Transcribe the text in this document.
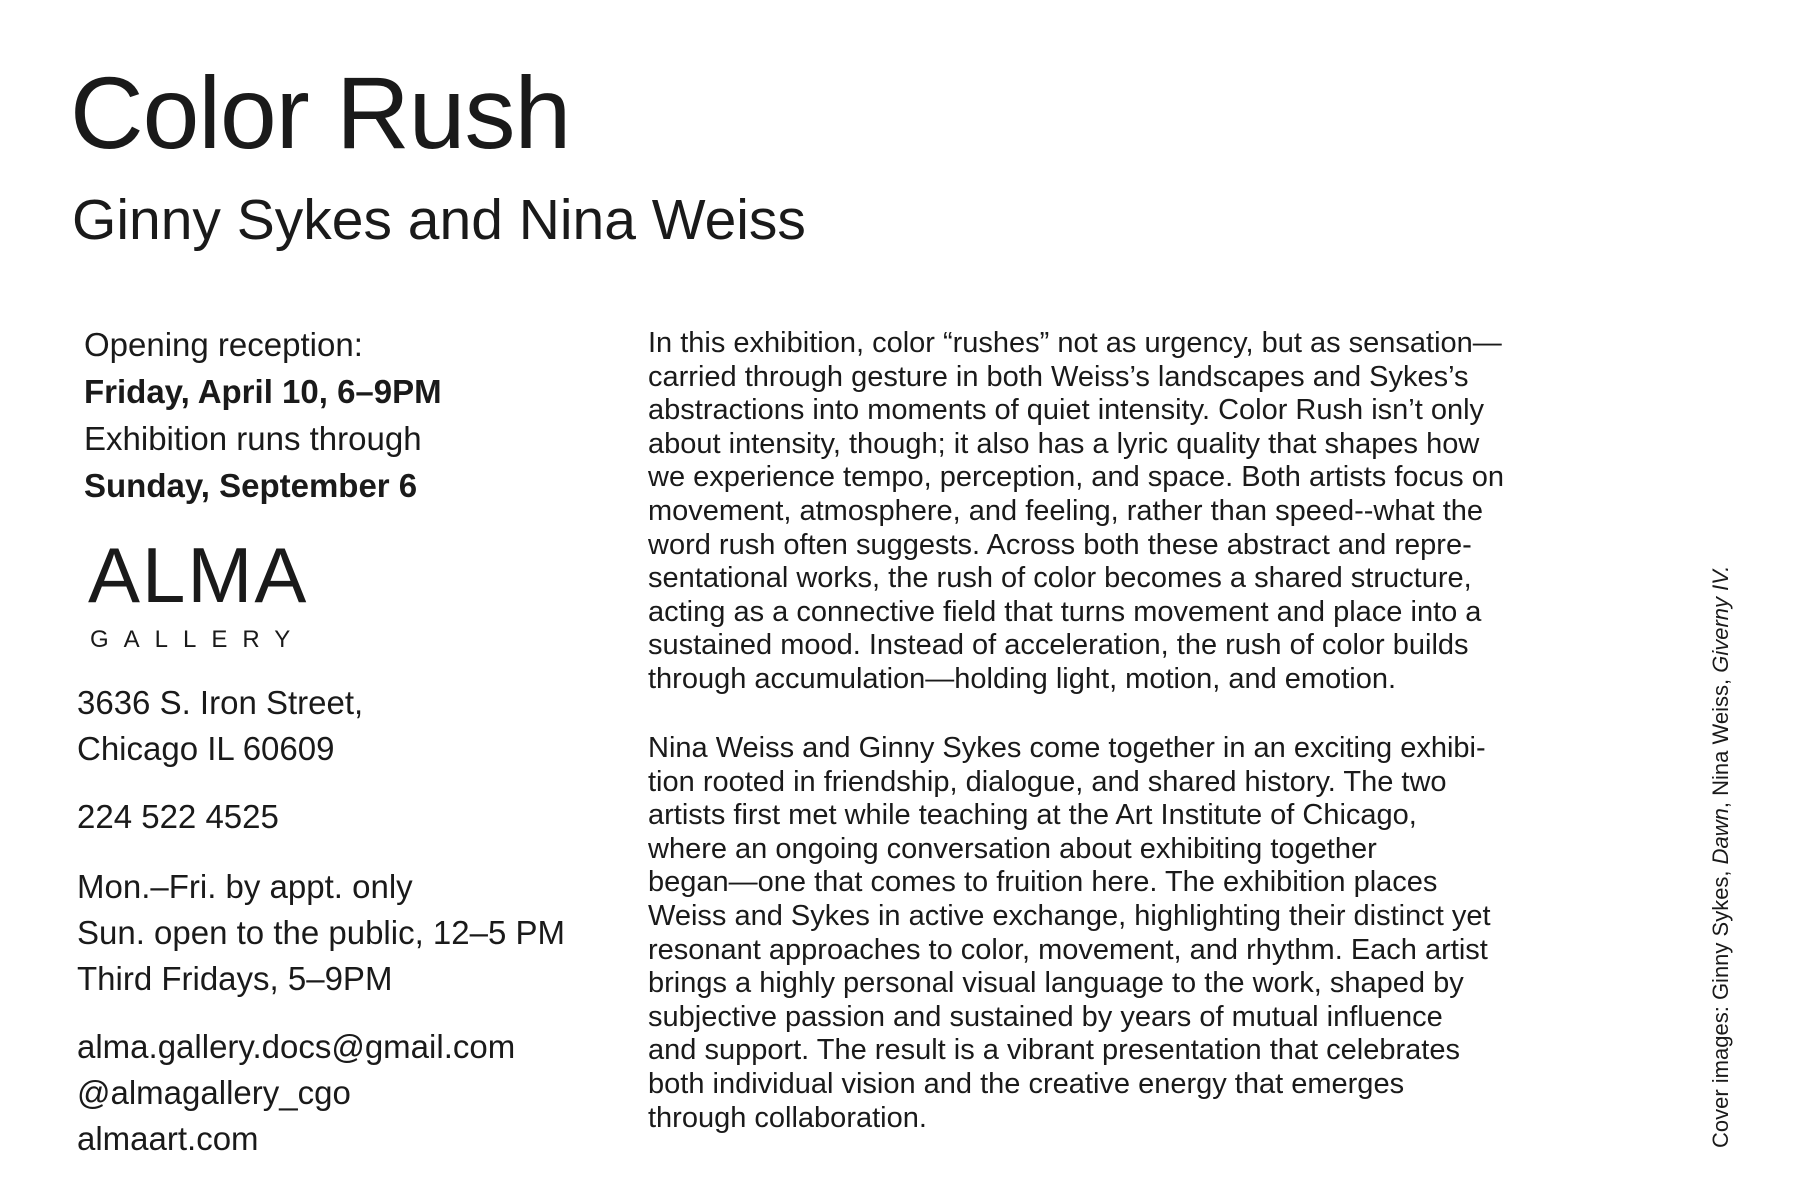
Color Rush
Ginny Sykes and Nina Weiss
Opening reception:
Friday, April 10, 6–9PM
Exhibition runs through
Sunday, September 6
ALMA
GALLERY
3636 S. Iron Street,
Chicago IL 60609
224 522 4525
Mon.–Fri. by appt. only
Sun. open to the public, 12–5 PM
Third Fridays, 5–9PM
alma.gallery.docs@gmail.com
@almagallery_cgo
almaart.com
In this exhibition, color “rushes” not as urgency, but as sensation—
carried through gesture in both Weiss’s landscapes and Sykes’s
abstractions into moments of quiet intensity. Color Rush isn’t only
about intensity, though; it also has a lyric quality that shapes how
we experience tempo, perception, and space. Both artists focus on
movement, atmosphere, and feeling, rather than speed--what the
word rush often suggests. Across both these abstract and repre-
sentational works, the rush of color becomes a shared structure,
acting as a connective field that turns movement and place into a
sustained mood. Instead of acceleration, the rush of color builds
through accumulation—holding light, motion, and emotion.
Nina Weiss and Ginny Sykes come together in an exciting exhibi-
tion rooted in friendship, dialogue, and shared history. The two
artists first met while teaching at the Art Institute of Chicago,
where an ongoing conversation about exhibiting together
began—one that comes to fruition here. The exhibition places
Weiss and Sykes in active exchange, highlighting their distinct yet
resonant approaches to color, movement, and rhythm. Each artist
brings a highly personal visual language to the work, shaped by
subjective passion and sustained by years of mutual influence
and support. The result is a vibrant presentation that celebrates
both individual vision and the creative energy that emerges
through collaboration.	Cover images: Ginny Sykes, Dawn, Nina Weiss, Giverny IV.
